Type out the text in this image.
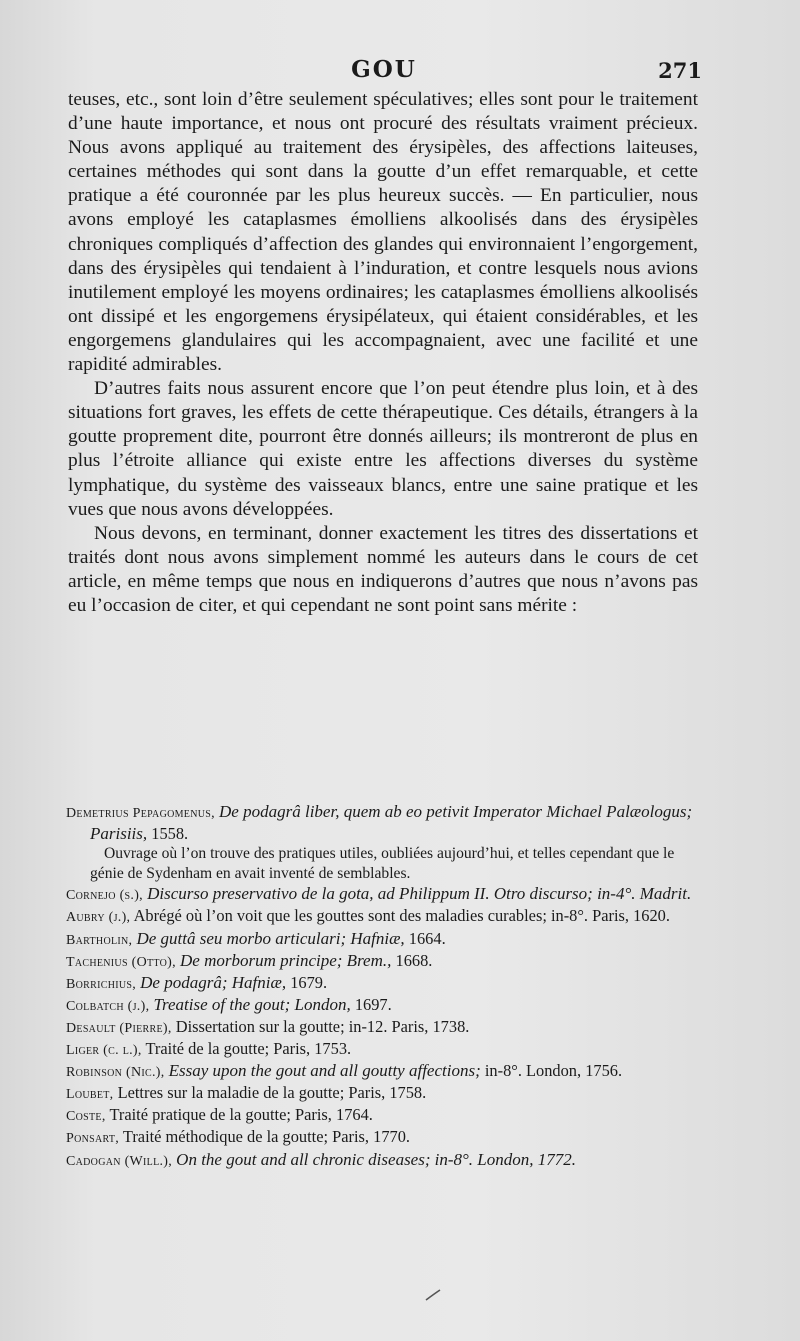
GOU	271

teuses, etc., sont loin d’être seulement spéculatives; elles sont pour le traitement d’une haute importance, et nous ont procuré des résultats vraiment précieux. Nous avons appliqué au traitement des érysipèles, des affections laiteuses, certaines méthodes qui sont dans la goutte d’un effet remarquable, et cette pratique a été couronnée par les plus heureux succès. — En particulier, nous avons employé les cataplasmes émolliens alkoolisés dans des érysipèles chroniques compliqués d’affection des glandes qui environnaient l’engorgement, dans des érysipèles qui tendaient à l’induration, et contre lesquels nous avions inutilement employé les moyens ordinaires; les cataplasmes émolliens alkoolisés ont dissipé et les engorgemens érysipélateux, qui étaient considérables, et les engorgemens glandulaires qui les accompagnaient, avec une facilité et une rapidité admirables.

D’autres faits nous assurent encore que l’on peut étendre plus loin, et à des situations fort graves, les effets de cette thérapeutique. Ces détails, étrangers à la goutte proprement dite, pourront être donnés ailleurs; ils montreront de plus en plus l’étroite alliance qui existe entre les affections diverses du système lymphatique, du système des vaisseaux blancs, entre une saine pratique et les vues que nous avons développées.

Nous devons, en terminant, donner exactement les titres des dissertations et traités dont nous avons simplement nommé les auteurs dans le cours de cet article, en même temps que nous en indiquerons d’autres que nous n’avons pas eu l’occasion de citer, et qui cependant ne sont point sans mérite :

Demetrius Pepagomenus, De podagrâ liber, quem ab eo petivit Imperator Michael Palæologus; Parisiis, 1558.

Ouvrage où l’on trouve des pratiques utiles, oubliées aujourd’hui, et telles cependant que le génie de Sydenham en avait inventé de semblables.

Cornejo (s.), Discurso preservativo de la gota, ad Philippum II. Otro discurso; in-4°. Madrit.

Aubry (j.), Abrégé où l’on voit que les gouttes sont des maladies curables; in-8°. Paris, 1620.

Bartholin, De guttâ seu morbo articulari; Hafniæ, 1664.

Tachenius (Otto), De morborum principe; Brem., 1668.

Borrichius, De podagrâ; Hafniæ, 1679.

Colbatch (j.), Treatise of the gout; London, 1697.

Desault (Pierre), Dissertation sur la goutte; in-12. Paris, 1738.

Liger (c. l.), Traité de la goutte; Paris, 1753.

Robinson (Nic.), Essay upon the gout and all goutty affections; in-8°. London, 1756.

Loubet, Lettres sur la maladie de la goutte; Paris, 1758.

Coste, Traité pratique de la goutte; Paris, 1764.

Ponsart, Traité méthodique de la goutte; Paris, 1770.

Cadogan (Will.), On the gout and all chronic diseases; in-8°. London, 1772.
